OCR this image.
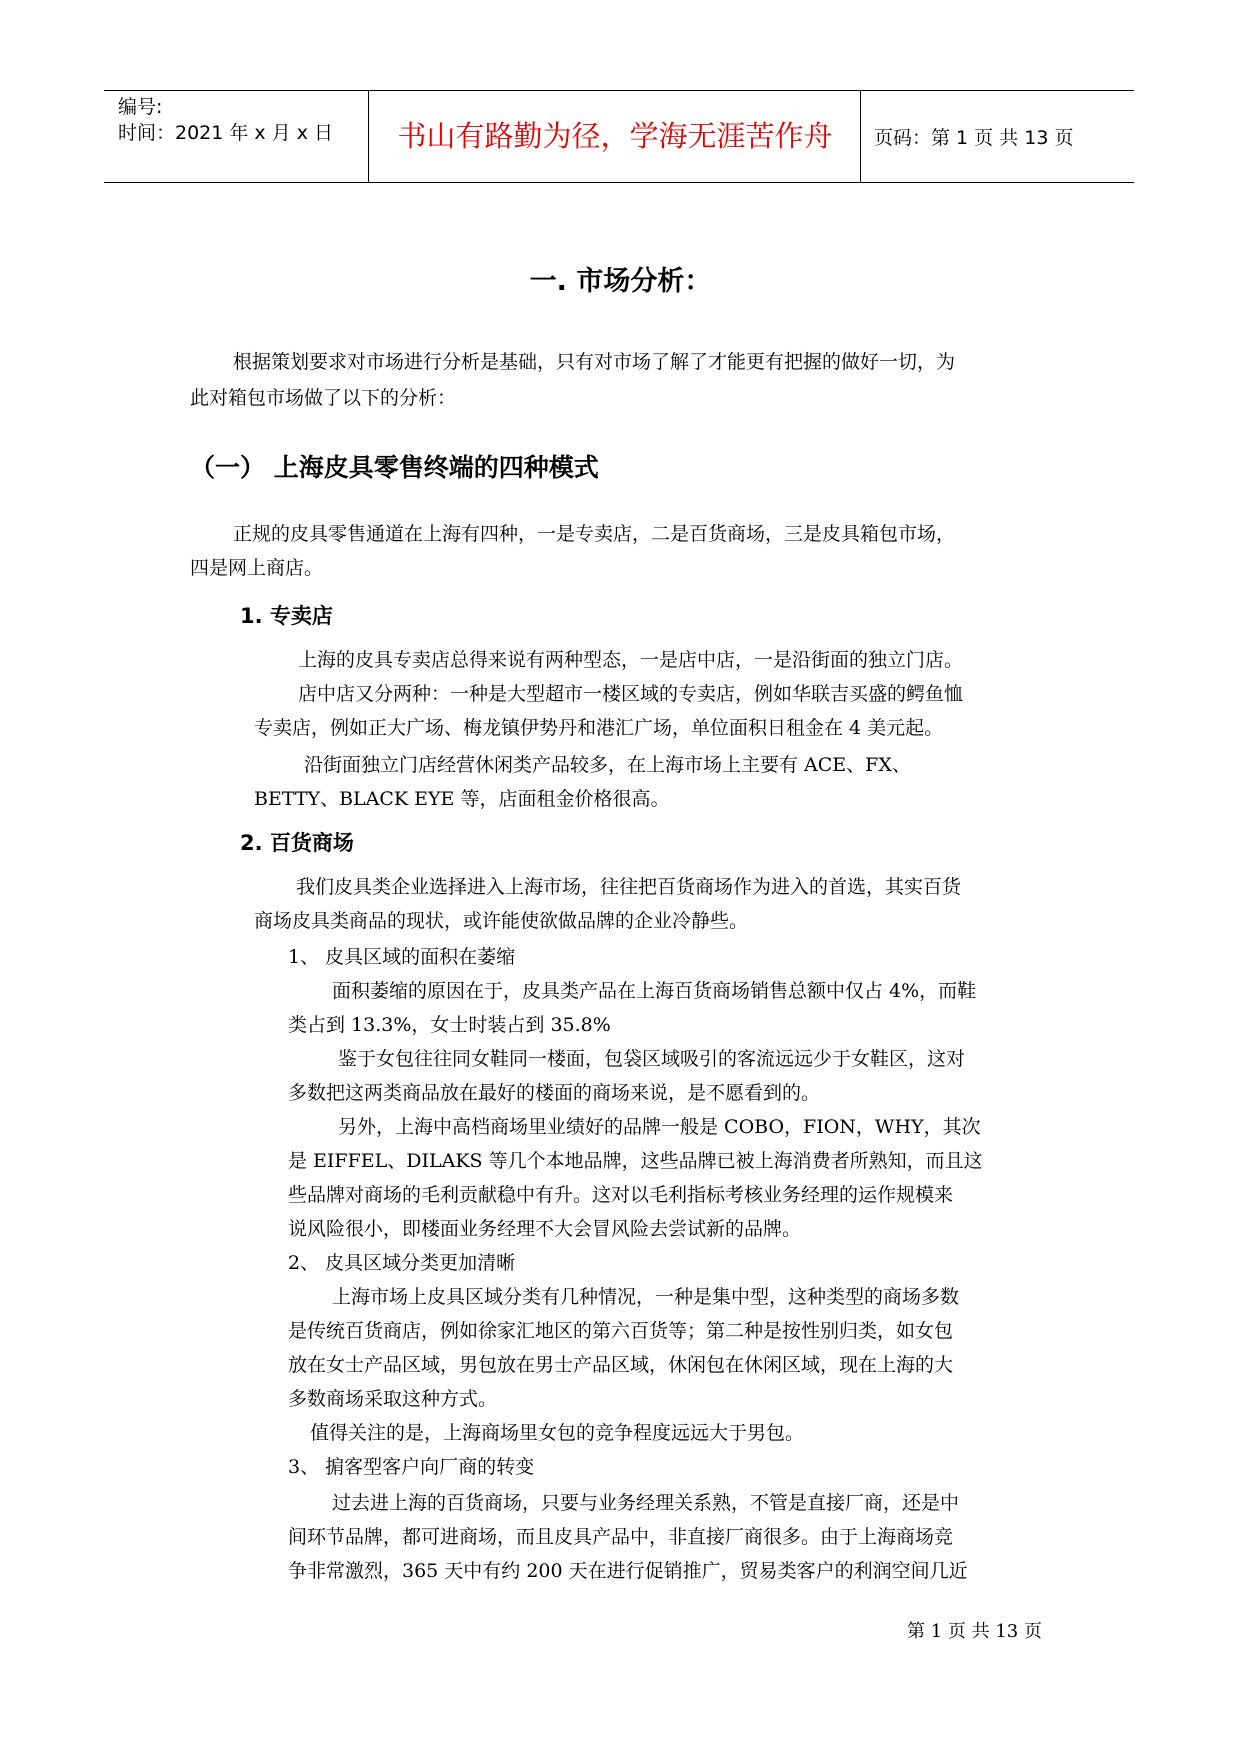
编号:
时间：2021 年 x 月 x 日	书山有路勤为径，学海无涯苦作舟	页码：第 1 页 共 13 页
一. 市场分析：
根据策划要求对市场进行分析是基础，只有对市场了解了才能更有把握的做好一切，为
此对箱包市场做了以下的分析：
（一） 上海皮具零售终端的四种模式
正规的皮具零售通道在上海有四种，一是专卖店，二是百货商场，三是皮具箱包市场，
四是网上商店。
1. 专卖店
上海的皮具专卖店总得来说有两种型态，一是店中店，一是沿街面的独立门店。
店中店又分两种：一种是大型超市一楼区域的专卖店，例如华联吉买盛的鳄鱼恤
专卖店，例如正大广场、梅龙镇伊势丹和港汇广场，单位面积日租金在 4 美元起。
沿街面独立门店经营休闲类产品较多，在上海市场上主要有 ACE、FX、
BETTY、BLACK EYE 等，店面租金价格很高。
2. 百货商场
我们皮具类企业选择进入上海市场，往往把百货商场作为进入的首选，其实百货
商场皮具类商品的现状，或许能使欲做品牌的企业冷静些。
1、 皮具区域的面积在萎缩
面积萎缩的原因在于，皮具类产品在上海百货商场销售总额中仅占 4%，而鞋
类占到 13.3%，女士时装占到 35.8%
鉴于女包往往同女鞋同一楼面，包袋区域吸引的客流远远少于女鞋区，这对
多数把这两类商品放在最好的楼面的商场来说，是不愿看到的。
另外，上海中高档商场里业绩好的品牌一般是 COBO，FION，WHY，其次
是 EIFFEL、DILAKS 等几个本地品牌，这些品牌已被上海消费者所熟知，而且这
些品牌对商场的毛利贡献稳中有升。这对以毛利指标考核业务经理的运作规模来
说风险很小，即楼面业务经理不大会冒风险去尝试新的品牌。
2、 皮具区域分类更加清晰
上海市场上皮具区域分类有几种情况，一种是集中型，这种类型的商场多数
是传统百货商店，例如徐家汇地区的第六百货等；第二种是按性别归类，如女包
放在女士产品区域，男包放在男士产品区域，休闲包在休闲区域，现在上海的大
多数商场采取这种方式。
值得关注的是，上海商场里女包的竞争程度远远大于男包。
3、 掮客型客户向厂商的转变
过去进上海的百货商场，只要与业务经理关系熟，不管是直接厂商，还是中
间环节品牌，都可进商场，而且皮具产品中，非直接厂商很多。由于上海商场竞
争非常激烈，365 天中有约 200 天在进行促销推广，贸易类客户的利润空间几近
第 1 页 共 13 页
